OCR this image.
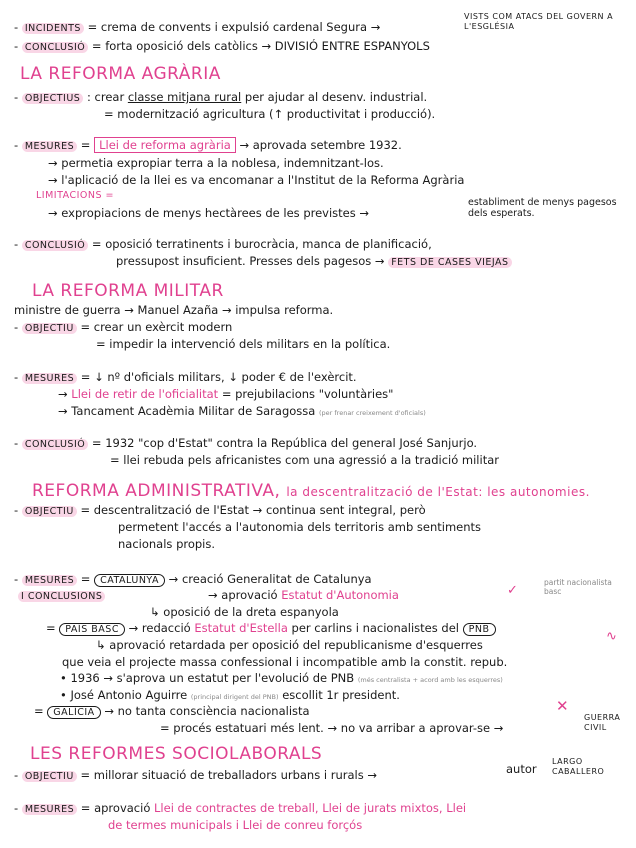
- INCIDENTS = crema de convents i expulsió cardenal Segura →
VISTS COM ATACS DEL GOVERN A L'ESGLÉSIA
- CONCLUSIÓ = forta oposició dels catòlics → DIVISIÓ ENTRE ESPANYOLS
LA REFORMA AGRÀRIA
- OBJECTIUS : crear classe mitjana rural per ajudar al desenv. industrial.
= modernització agricultura (↑ productivitat i producció).
- MESURES = Llei de reforma agrària → aprovada setembre 1932.
→ permetia expropiar terra a la noblesa, indemnitzant-los.
→ l'aplicació de la llei es va encomanar a l'Institut de la Reforma Agrària
LIMITACIONS =
→ expropiacions de menys hectàrees de les previstes →
establiment de menys pagesos dels esperats.
- CONCLUSIÓ = oposició terratinents i burocràcia, manca de planificació,
pressupost insuficient. Presses dels pagesos → FETS DE CASES VIEJAS
LA REFORMA MILITAR
ministre de guerra → Manuel Azaña → impulsa reforma.
- OBJECTIU = crear un exèrcit modern
= impedir la intervenció dels militars en la política.
- MESURES = ↓ nº d'oficials militars, ↓ poder € de l'exèrcit.
→ Llei de retir de l'oficialitat = prejubilacions "voluntàries"
→ Tancament Acadèmia Militar de Saragossa (per frenar creixement d'oficials)
- CONCLUSIÓ = 1932 "cop d'Estat" contra la República del general José Sanjurjo.
= llei rebuda pels africanistes com una agressió a la tradició militar
REFORMA ADMINISTRATIVA, la descentralització de l'Estat: les autonomies.
- OBJECTIU = descentralització de l'Estat → continua sent integral, però
permetent l'accés a l'autonomia dels territoris amb sentiments
nacionals propis.
- MESURES = CATALUNYA → creació Generalitat de Catalunya
I CONCLUSIONS	→ aprovació Estatut d'Autonomia	✓
partit nacionalista basc
↳ oposició de la dreta espanyola
= PAÍS BASC → redacció Estatut d'Estella per carlins i nacionalistes del PNB	∿
↳ aprovació retardada per oposició del republicanisme d'esquerres
que veia el projecte massa confessional i incompatible amb la constit. repub.
• 1936 → s'aprova un estatut per l'evolució de PNB (més centralista + acord amb les esquerres)
• José Antonio Aguirre (principal dirigent del PNB) escollit 1r president.
= GALÍCIA → no tanta consciència nacionalista	✕
= procés estatuari més lent. → no va arribar a aprovar-se →
GUERRA CIVIL
LES REFORMES SOCIOLABORALS
- OBJECTIU = millorar situació de treballadors urbans i rurals →	autor
LARGO CABALLERO
- MESURES = aprovació Llei de contractes de treball, Llei de jurats mixtos, Llei
de termes municipals i Llei de conreu forçós
